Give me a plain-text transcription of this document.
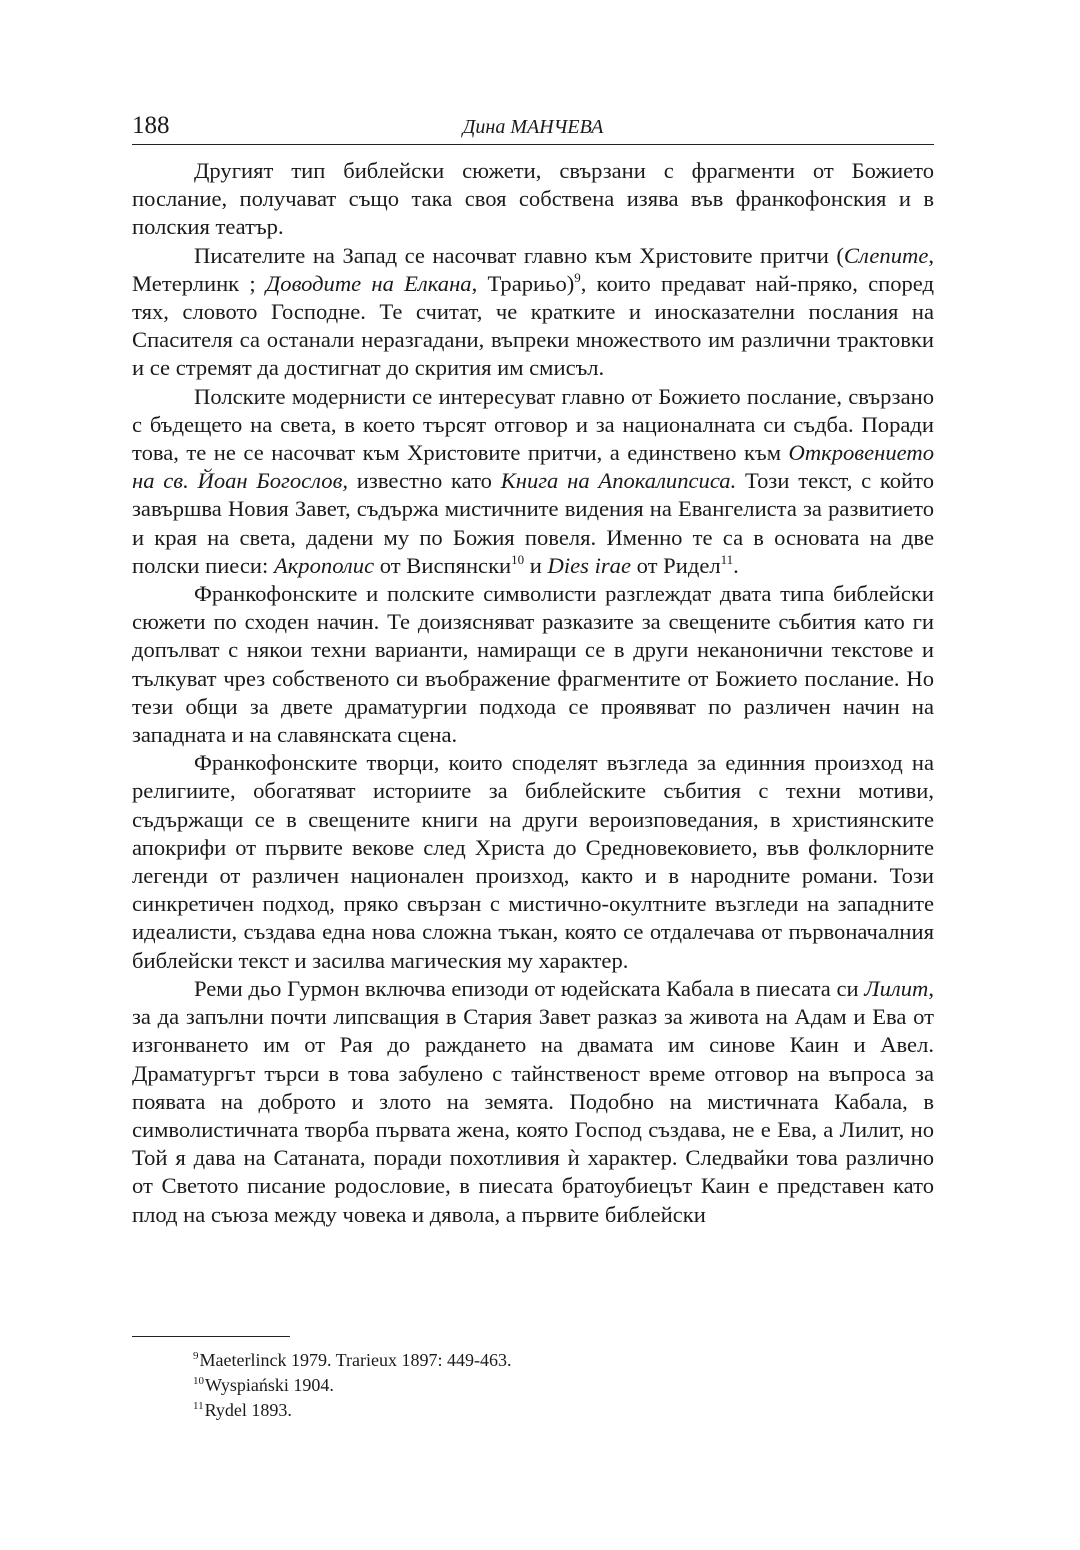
188	Дина МАНЧЕВА

Другият тип библейски сюжети, свързани с фрагменти от Божието послание, получават също така своя собствена изява във франкофонския и в полския театър.

Писателите на Запад се насочват главно към Христовите притчи (Слепите, Метерлинк ; Доводите на Елкана, Трариьо)$^9$, които предават най-пряко, според тях, словото Господне. Те считат, че кратките и иносказателни послания на Спасителя са останали неразгадани, въпреки множеството им различни трактовки и се стремят да достигнат до скрития им смисъл.

Полските модернисти се интересуват главно от Божието послание, свързано с бъдещето на света, в което търсят отговор и за националната си съдба. Поради това, те не се насочват към Христовите притчи, а единствено към Откровението на св. Йоан Богослов, известно като Книга на Апокалипсиса. Този текст, с който завършва Новия Завет, съдържа мистичните видения на Евангелиста за развитието и края на света, дадени му по Божия повеля. Именно те са в основата на две полски пиеси: Акрополис от Виспянски$^{10}$ и Dies irae от Ридел$^{11}$.

Франкофонските и полските символисти разглеждат двата типа библейски сюжети по сходен начин. Те доизясняват разказите за свещените събития като ги допълват с някои техни варианти, намиращи се в други неканонични текстове и тълкуват чрез собственото си въображение фрагментите от Божието послание. Но тези общи за двете драматургии подхода се проявяват по различен начин на западната и на славянската сцена.

Франкофонските творци, които споделят възгледа за единния произход на религиите, обогатяват историите за библейските събития с техни мотиви, съдържащи се в свещените книги на други вероизповедания, в християнските апокрифи от първите векове след Христа до Средновековието, във фолклорните легенди от различен национален произход, както и в народните романи. Този синкретичен подход, пряко свързан с мистично-окултните възгледи на западните идеалисти, създава една нова сложна тъкан, която се отдалечава от първоначалния библейски текст и засилва магическия му характер.

Реми дьо Гурмон включва епизоди от юдейската Кабала в пиесата си Лилит, за да запълни почти липсващия в Стария Завет разказ за живота на Адам и Ева от изгонването им от Рая до раждането на двамата им синове Каин и Авел. Драматургът търси в това забулено с тайнственост време отговор на въпроса за появата на доброто и злото на земята. Подобно на мистичната Кабала, в символистичната творба първата жена, която Господ създава, не е Ева, а Лилит, но Той я дава на Сатаната, поради похотливия ѝ характер. Следвайки това различно от Светото писание родословие, в пиесата братоубиецът Каин е представен като плод на съюза между човека и дявола, а първите библейски

$^9$Maeterlinck 1979. Trarieux 1897: 449-463.

$^{10}$Wyspiański 1904.

$^{11}$Rydel 1893.
